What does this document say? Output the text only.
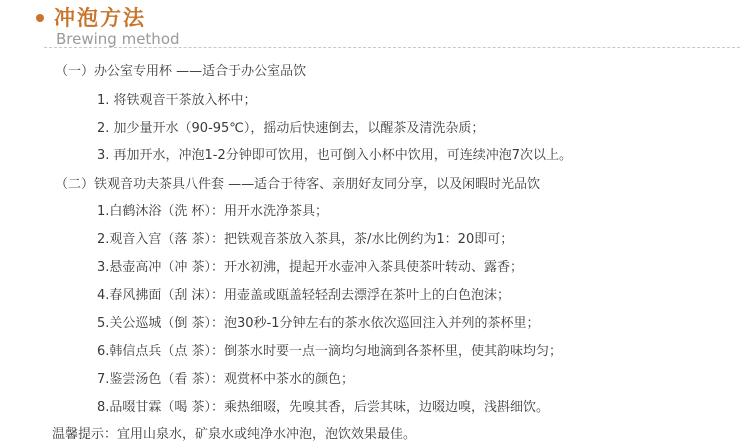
冲泡方法
Brewing method
（一）办公室专用杯 ——适合于办公室品饮
1. 将铁观音干茶放入杯中；
2. 加少量开水（90-95℃），摇动后快速倒去，以醒茶及清洗杂质；
3. 再加开水，冲泡1-2分钟即可饮用，也可倒入小杯中饮用，可连续冲泡7次以上。
（二）铁观音功夫茶具八件套 ——适合于待客、亲朋好友同分享，以及闲暇时光品饮
1.白鹤沐浴（洗 杯）：用开水洗净茶具；
2.观音入宫（落 茶）：把铁观音茶放入茶具，茶/水比例约为1：20即可；
3.悬壶高冲（冲 茶）：开水初沸，提起开水壶冲入茶具使茶叶转动、露香；
4.春风拂面（刮 沫）：用壶盖或瓯盖轻轻刮去漂浮在茶叶上的白色泡沫；
5.关公巡城（倒 茶）：泡30秒-1分钟左右的茶水依次巡回注入并列的茶杯里；
6.韩信点兵（点 茶）：倒茶水时要一点一滴均匀地滴到各茶杯里，使其韵味均匀；
7.鉴尝汤色（看 茶）：观赏杯中茶水的颜色；
8.品啜甘霖（喝 茶）：乘热细啜，先嗅其香，后尝其味，边啜边嗅，浅斟细饮。
温馨提示：宜用山泉水，矿泉水或纯净水冲泡，泡饮效果最佳。
